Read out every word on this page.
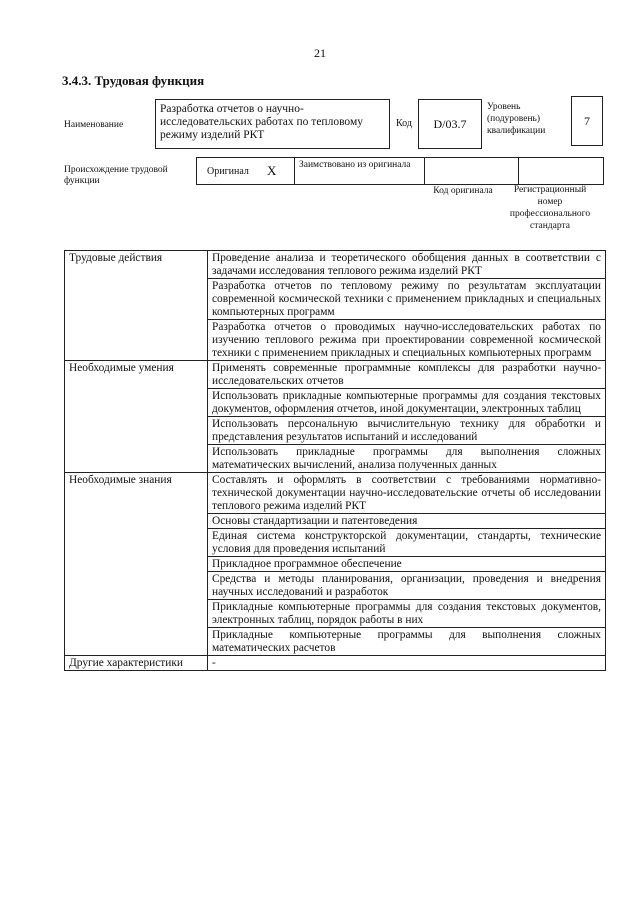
21
3.4.3. Трудовая функция
Наименование
Разработка отчетов о научно-исследовательских работах по тепловому режиму изделий РКТ
Код D/03.7
Уровень (подуровень) квалификации
7
Происхождение трудовой функции
Оригинал X Заимствовано из оригинала
Код оригинала	Регистрационный номер профессионального стандарта
Трудовые действия	Проведение анализа и теоретического обобщения данных в соответствии с задачами исследования теплового режима изделий РКТ
	Разработка отчетов по тепловому режиму по результатам эксплуатации современной космической техники с применением прикладных и специальных компьютерных программ
	Разработка отчетов о проводимых научно-исследовательских работах по изучению теплового режима при проектировании современной космической техники с применением прикладных и специальных компьютерных программ
Необходимые умения	Применять современные программные комплексы для разработки научно-исследовательских отчетов
	Использовать прикладные компьютерные программы для создания текстовых документов, оформления отчетов, иной документации, электронных таблиц
	Использовать персональную вычислительную технику для обработки и представления результатов испытаний и исследований
	Использовать прикладные программы для выполнения сложных математических вычислений, анализа полученных данных
Необходимые знания	Составлять и оформлять в соответствии с требованиями нормативно-технической документации научно-исследовательские отчеты об исследовании теплового режима изделий РКТ
	Основы стандартизации и патентоведения
	Единая система конструкторской документации, стандарты, технические условия для проведения испытаний
	Прикладное программное обеспечение
	Средства и методы планирования, организации, проведения и внедрения научных исследований и разработок
	Прикладные компьютерные программы для создания текстовых документов, электронных таблиц, порядок работы в них
	Прикладные компьютерные программы для выполнения сложных математических расчетов
Другие характеристики	-
